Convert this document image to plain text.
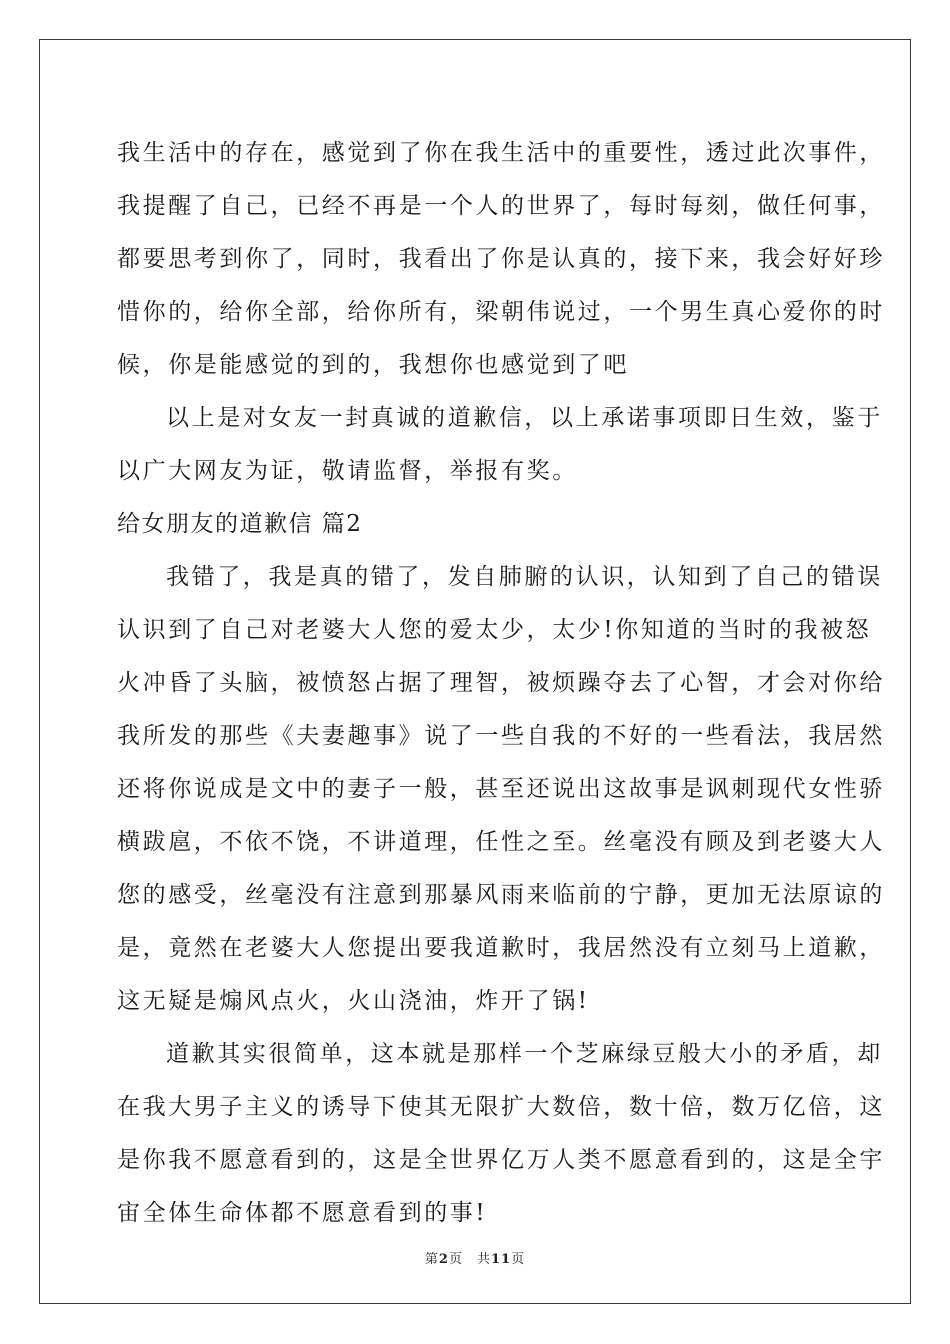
我生活中的存在，感觉到了你在我生活中的重要性，透过此次事件，
我提醒了自己，已经不再是一个人的世界了，每时每刻，做任何事，
都要思考到你了，同时，我看出了你是认真的，接下来，我会好好珍
惜你的，给你全部，给你所有，梁朝伟说过，一个男生真心爱你的时
候，你是能感觉的到的，我想你也感觉到了吧
以上是对女友一封真诚的道歉信，以上承诺事项即日生效，鉴于
以广大网友为证，敬请监督，举报有奖。
给女朋友的道歉信 篇2
我错了，我是真的错了，发自肺腑的认识，认知到了自己的错误
认识到了自己对老婆大人您的爱太少，太少!你知道的当时的我被怒
火冲昏了头脑，被愤怒占据了理智，被烦躁夺去了心智，才会对你给
我所发的那些《夫妻趣事》说了一些自我的不好的一些看法，我居然
还将你说成是文中的妻子一般，甚至还说出这故事是讽刺现代女性骄
横跋扈，不依不饶，不讲道理，任性之至。丝毫没有顾及到老婆大人
您的感受，丝毫没有注意到那暴风雨来临前的宁静，更加无法原谅的
是，竟然在老婆大人您提出要我道歉时，我居然没有立刻马上道歉，
这无疑是煽风点火，火山浇油，炸开了锅!
道歉其实很简单，这本就是那样一个芝麻绿豆般大小的矛盾，却
在我大男子主义的诱导下使其无限扩大数倍，数十倍，数万亿倍，这
是你我不愿意看到的，这是全世界亿万人类不愿意看到的，这是全宇
宙全体生命体都不愿意看到的事!
第2页 共11页
